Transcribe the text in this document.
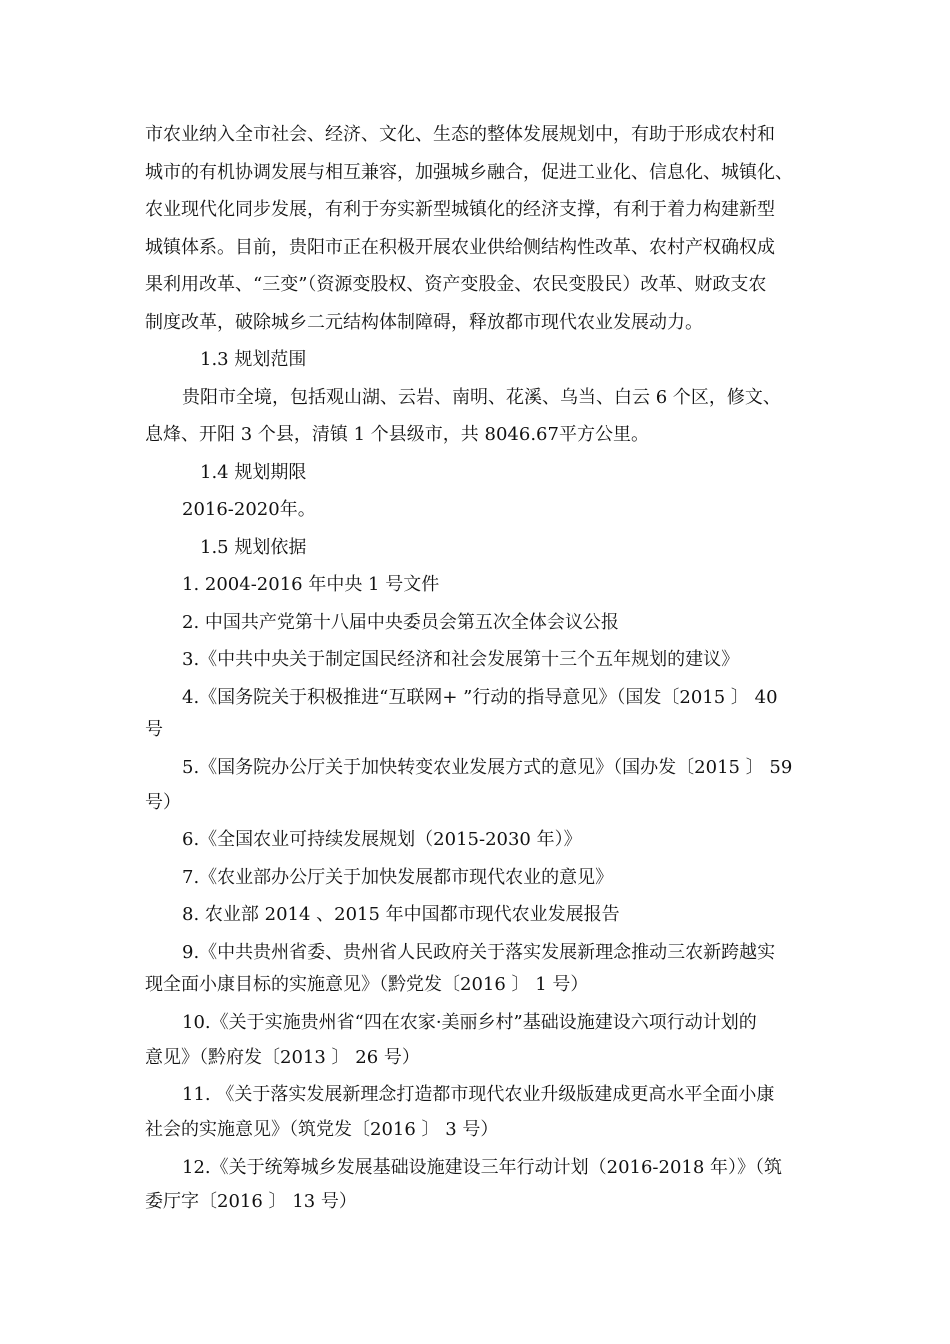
市农业纳入全市社会、经济、文化、生态的整体发展规划中，有助于形成农村和
城市的有机协调发展与相互兼容，加强城乡融合，促进工业化、信息化、城镇化、
农业现代化同步发展，有利于夯实新型城镇化的经济支撑，有利于着力构建新型
城镇体系。目前，贵阳市正在积极开展农业供给侧结构性改革、农村产权确权成
果利用改革、“三变”（资源变股权、资产变股金、农民变股民）改革、财政支农
制度改革，破除城乡二元结构体制障碍，释放都市现代农业发展动力。
1.3 规划范围
贵阳市全境，包括观山湖、云岩、南明、花溪、乌当、白云 6 个区，修文、
息烽、开阳 3 个县，清镇 1 个县级市，共 8046.67平方公里。
1.4 规划期限
2016-2020年。
1.5 规划依据
1. 2004-2016 年中央 1 号文件
2. 中国共产党第十八届中央委员会第五次全体会议公报
3.《中共中央关于制定国民经济和社会发展第十三个五年规划的建议》
4.《国务院关于积极推进“互联网+ ”行动的指导意见》（国发〔2015 〕 40
号
5.《国务院办公厅关于加快转变农业发展方式的意见》（国办发〔2015 〕 59
号）
6.《全国农业可持续发展规划（2015-2030 年）》
7.《农业部办公厅关于加快发展都市现代农业的意见》
8. 农业部 2014 、2015 年中国都市现代农业发展报告
9.《中共贵州省委、贵州省人民政府关于落实发展新理念推动三农新跨越实
现全面小康目标的实施意见》（黔党发〔2016 〕 1 号）
10.《关于实施贵州省“四在农家·美丽乡村”基础设施建设六项行动计划的
意见》（黔府发〔2013 〕 26 号）
11. 《关于落实发展新理念打造都市现代农业升级版建成更高水平全面小康
社会的实施意见》（筑党发〔2016 〕 3 号）
12.《关于统筹城乡发展基础设施建设三年行动计划（2016-2018 年）》（筑
委厅字〔2016 〕 13 号）
